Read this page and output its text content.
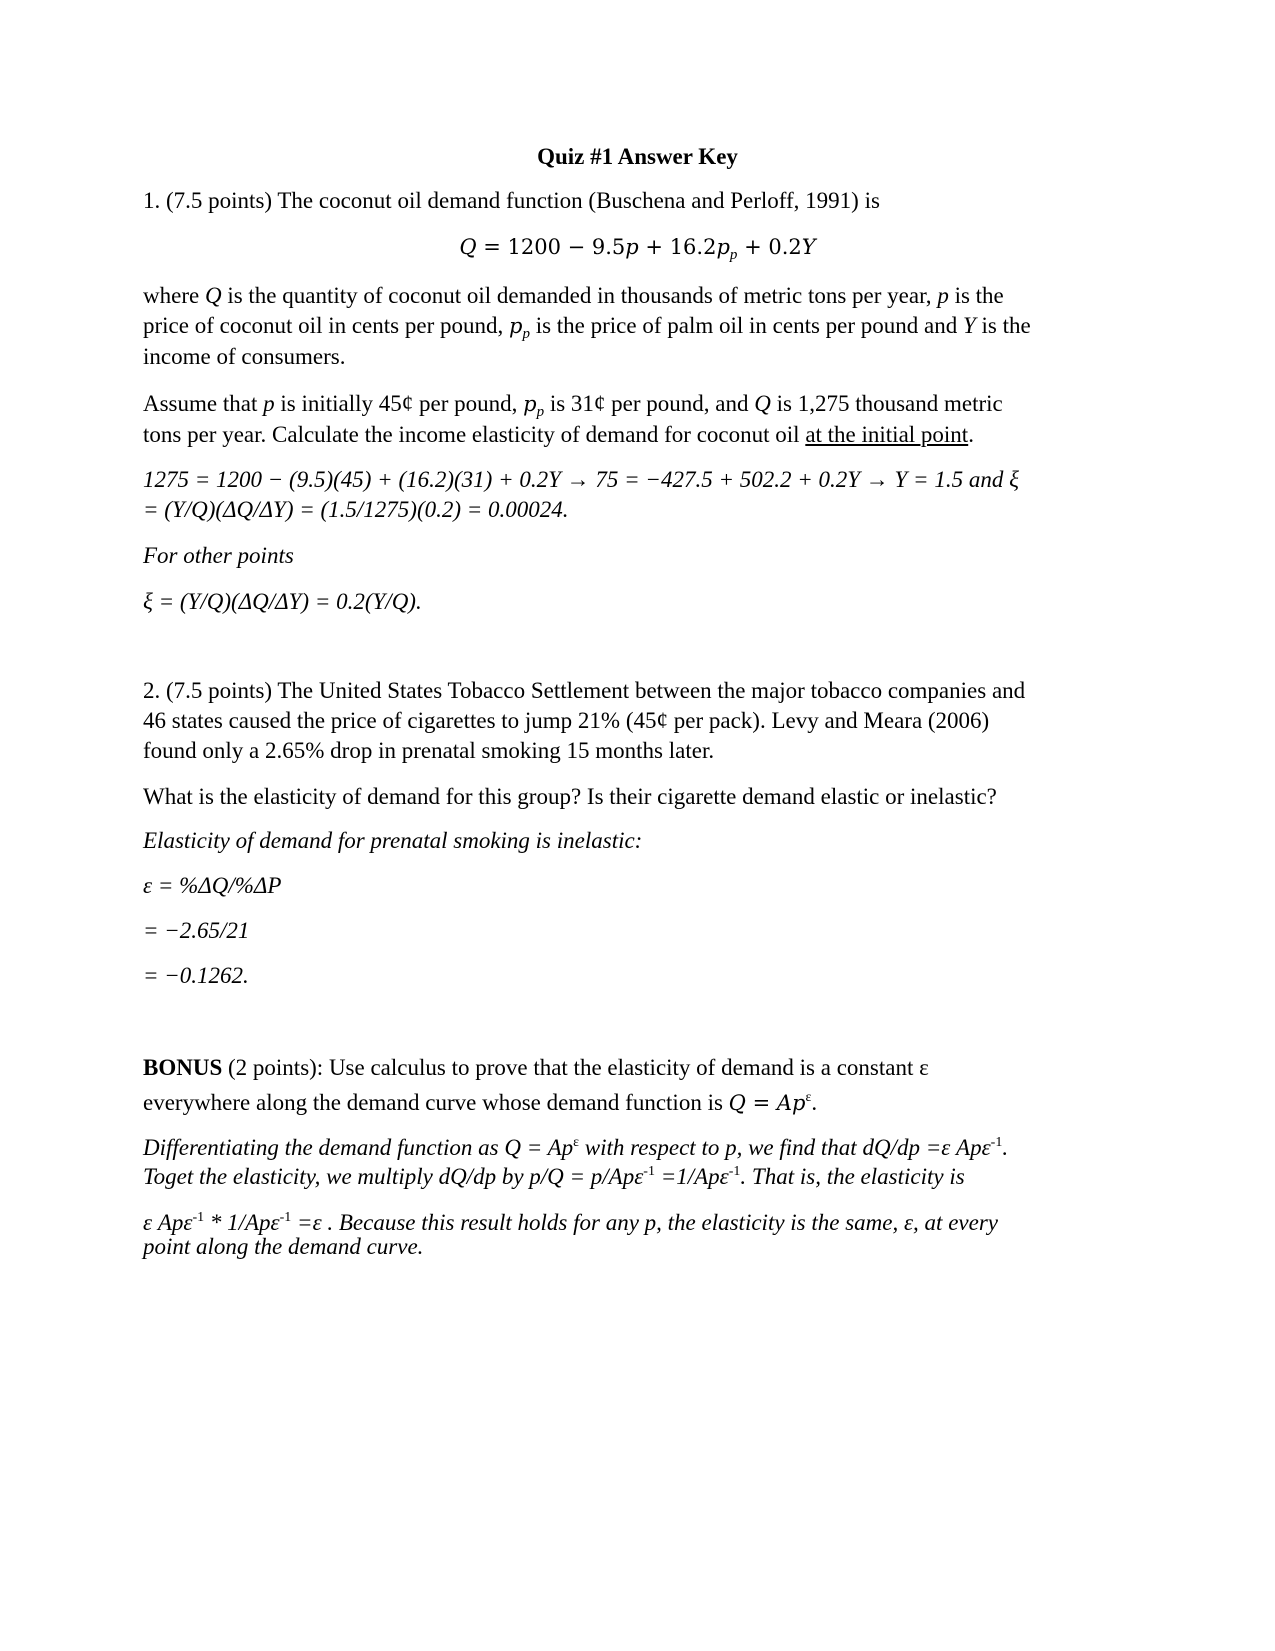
Quiz #1 Answer Key
1. (7.5 points) The coconut oil demand function (Buschena and Perloff, 1991) is
$Q = 1200 - 9.5p + 16.2p_p + 0.2Y$
where Q is the quantity of coconut oil demanded in thousands of metric tons per year, p is the
price of coconut oil in cents per pound, $p_p$ is the price of palm oil in cents per pound and Y is the
income of consumers.
Assume that p is initially 45¢ per pound, $p_p$ is 31¢ per pound, and Q is 1,275 thousand metric
tons per year. Calculate the income elasticity of demand for coconut oil at the initial point.
1275 = 1200 − (9.5)(45) + (16.2)(31) + 0.2Y → 75 = −427.5 + 502.2 + 0.2Y → Y = 1.5 and ξ
= (Y/Q)(ΔQ/ΔY) = (1.5/1275)(0.2) = 0.00024.
For other points
ξ = (Y/Q)(ΔQ/ΔY) = 0.2(Y/Q).
2. (7.5 points) The United States Tobacco Settlement between the major tobacco companies and
46 states caused the price of cigarettes to jump 21% (45¢ per pack). Levy and Meara (2006)
found only a 2.65% drop in prenatal smoking 15 months later.
What is the elasticity of demand for this group? Is their cigarette demand elastic or inelastic?
Elasticity of demand for prenatal smoking is inelastic:
ε = %ΔQ/%ΔP
= −2.65/21
= −0.1262.
BONUS (2 points): Use calculus to prove that the elasticity of demand is a constant ε
everywhere along the demand curve whose demand function is $Q = Ap^\varepsilon$.
Differentiating the demand function as $Q = Ap^\varepsilon$ with respect to p, we find that dQ/dp =ε Apε$^{-1}$.
Toget the elasticity, we multiply dQ/dp by p/Q = p/Apε$^{-1}$ =1/Apε$^{-1}$. That is, the elasticity is
ε Apε$^{-1}$ * 1/Apε$^{-1}$ =ε . Because this result holds for any p, the elasticity is the same, ε, at every
point along the demand curve.
